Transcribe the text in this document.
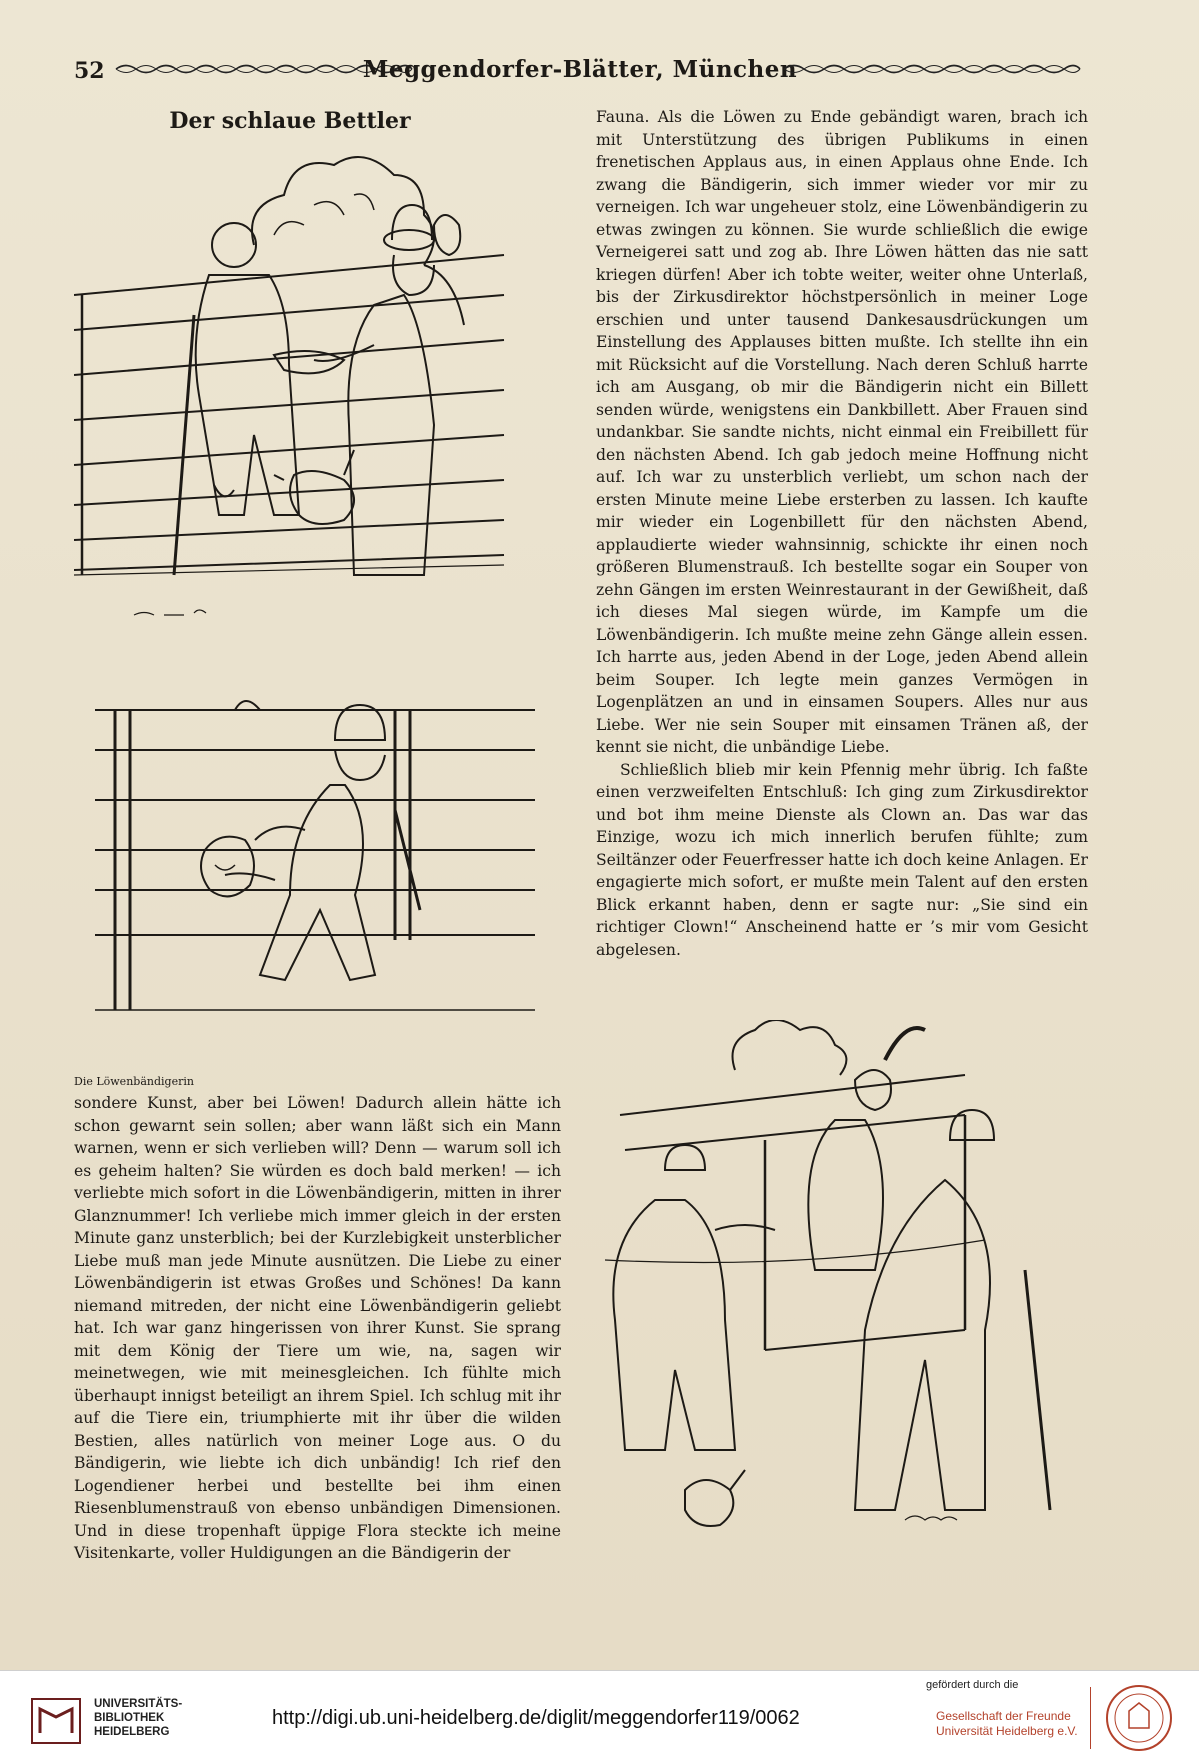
52	Meggendorfer-Blätter, München
Der schlaue Bettler
Die Löwenbändigerin

sondere Kunst, aber bei Löwen! Dadurch allein hätte ich schon gewarnt sein sollen; aber wann läßt sich ein Mann warnen, wenn er sich verlieben will? Denn — warum soll ich es geheim halten? Sie würden es doch bald merken! — ich verliebte mich sofort in die Löwenbändigerin, mitten in ihrer Glanznummer! Ich verliebe mich immer gleich in der ersten Minute ganz unsterblich; bei der Kurzlebigkeit unsterblicher Liebe muß man jede Minute ausnützen. Die Liebe zu einer Löwenbändigerin ist etwas Großes und Schönes! Da kann niemand mitreden, der nicht eine Löwenbändigerin geliebt hat. Ich war ganz hingerissen von ihrer Kunst. Sie sprang mit dem König der Tiere um wie, na, sagen wir meinetwegen, wie mit meinesgleichen. Ich fühlte mich überhaupt innigst beteiligt an ihrem Spiel. Ich schlug mit ihr auf die Tiere ein, triumphierte mit ihr über die wilden Bestien, alles natürlich von meiner Loge aus. O du Bändigerin, wie liebte ich dich unbändig! Ich rief den Logendiener herbei und bestellte bei ihm einen Riesenblumenstrauß von ebenso unbändigen Dimensionen. Und in diese tropenhaft üppige Flora steckte ich meine Visitenkarte, voller Huldigungen an die Bändigerin der

Fauna. Als die Löwen zu Ende gebändigt waren, brach ich mit Unterstützung des übrigen Publikums in einen frenetischen Applaus aus, in einen Applaus ohne Ende. Ich zwang die Bändigerin, sich immer wieder vor mir zu verneigen. Ich war ungeheuer stolz, eine Löwenbändigerin zu etwas zwingen zu können. Sie wurde schließlich die ewige Verneigerei satt und zog ab. Ihre Löwen hätten das nie satt kriegen dürfen! Aber ich tobte weiter, weiter ohne Unterlaß, bis der Zirkusdirektor höchstpersönlich in meiner Loge erschien und unter tausend Dankesausdrückungen um Einstellung des Applauses bitten mußte. Ich stellte ihn ein mit Rücksicht auf die Vorstellung. Nach deren Schluß harrte ich am Ausgang, ob mir die Bändigerin nicht ein Billett senden würde, wenigstens ein Dankbillett. Aber Frauen sind undankbar. Sie sandte nichts, nicht einmal ein Freibillett für den nächsten Abend. Ich gab jedoch meine Hoffnung nicht auf. Ich war zu unsterblich verliebt, um schon nach der ersten Minute meine Liebe ersterben zu lassen. Ich kaufte mir wieder ein Logenbillett für den nächsten Abend, applaudierte wieder wahnsinnig, schickte ihr einen noch größeren Blumenstrauß. Ich bestellte sogar ein Souper von zehn Gängen im ersten Weinrestaurant in der Gewißheit, daß ich dieses Mal siegen würde, im Kampfe um die Löwenbändigerin. Ich mußte meine zehn Gänge allein essen. Ich harrte aus, jeden Abend in der Loge, jeden Abend allein beim Souper. Ich legte mein ganzes Vermögen in Logenplätzen an und in einsamen Soupers. Alles nur aus Liebe. Wer nie sein Souper mit einsamen Tränen aß, der kennt sie nicht, die unbändige Liebe.

Schließlich blieb mir kein Pfennig mehr übrig. Ich faßte einen verzweifelten Entschluß: Ich ging zum Zirkusdirektor und bot ihm meine Dienste als Clown an. Das war das Einzige, wozu ich mich innerlich berufen fühlte; zum Seiltänzer oder Feuerfresser hatte ich doch keine Anlagen. Er engagierte mich sofort, er mußte mein Talent auf den ersten Blick erkannt haben, denn er sagte nur: „Sie sind ein richtiger Clown!“ Anscheinend hatte er ’s mir vom Gesicht abgelesen.

UNIVERSITÄTS-
BIBLIOTHEK
HEIDELBERG
http://digi.ub.uni-heidelberg.de/diglit/meggendorfer119/0062
gefördert durch die
Gesellschaft der Freunde
Universität Heidelberg e.V.
